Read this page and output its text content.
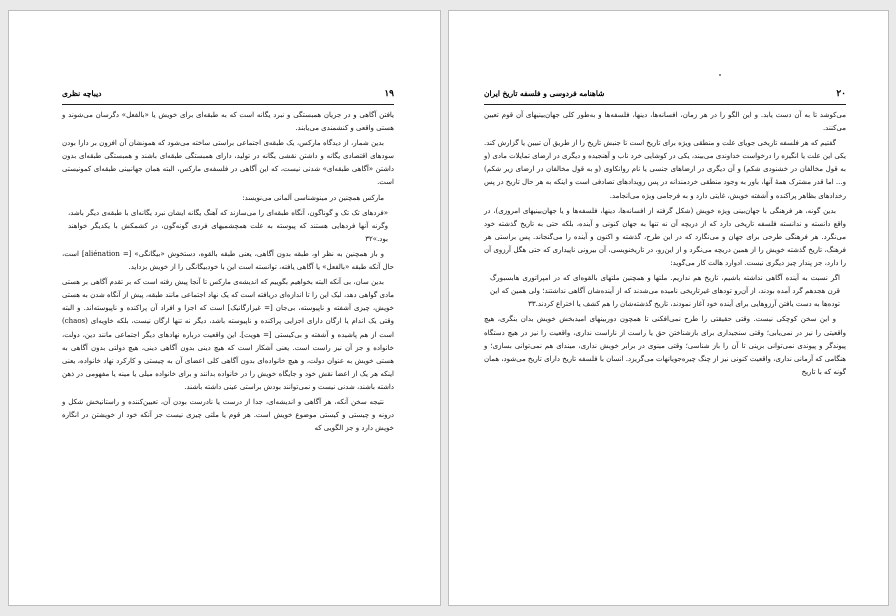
۱۹
دیباچه نظری

یافتن آگاهی و در جریان همبستگی و نبرد یگانه است که به طبقه‌ای برای خویش یا «بالفعل» دگرسان می‌شوند و هستی واقعی و کنشمندی می‌یابند.

بدین شمار، از دیدگاه مارکس، یک طبقه‌ی اجتماعی براستی ساخته می‌شود که همونشان آن افزون بر دارا بودن سودهای اقتصادی یگانه و داشتن نقشی یگانه در تولید، دارای همبستگی طبقه‌ای باشند و همبستگی طبقه‌ای بدون داشتن «آگاهی طبقه‌ای» شدنی نیست، که این آگاهی در فلسفه‌ی مارکس، البته همان جهانبینی طبقه‌ای کمونیستی است.

مارکس همچنین در مینوشناسی آلمانی می‌نویسد:

«فردهای تک تک و گوناگون، آنگاه طبقه‌ای را می‌سازند که آهنگ یگانه ایشان نبرد یگانه‌ای با طبقه‌ی دیگر باشد، وگرنه آنها فردهایی هستند که پیوسته به علت همچشمیهای فردی گونه‌گون، در کشمکش با یکدیگر خواهند بود.»۳۲

و باز همچنین به نظر او، طبقه بدون آگاهی، یعنی طبقه بالقوه، دستخوش «بیگانگی» [= aliénation] است، حال آنکه طبقه «بالفعل» یا آگاهی یافته، توانسته است این با خودبیگانگی را از خویش بزداید.

بدین سان، بی آنکه البته بخواهیم بگوییم که اندیشه‌ی مارکس تا آنجا پیش رفته است که بر تقدم آگاهی بر هستی مادی گواهی دهد، لیک این را تا اندازه‌ای دریافته است که یک نهاد اجتماعی مانند طبقه، پیش از آنگاه شدن به هستی خویش، چیزی آشفته و ناپیوسته، بی‌جان [= غیرارگانیک] است که اجزا و افراد آن پراکنده و ناپیوسته‌اند. و البته وقتی یک اندام یا ارگان دارای اجزایی پراکنده و ناپیوسته باشد، دیگر نه تنها ارگان نیست، بلکه خاویه‌ای (chaos) است از هم پاشیده و آشفته و بی‌کیستی [= هویت]. این واقعیت درباره نهادهای دیگر اجتماعی مانند دین، دولت، خانواده و جز آن نیز راست است. یعنی آشکار است که هیچ دینی بدون آگاهی دینی، هیچ دولتی بدون آگاهی به هستی خویش به عنوان دولت، و هیچ خانواده‌ای بدون آگاهی کلی اعضای آن به چیستی و کارکرد نهاد خانواده، یعنی اینکه هر یک از اعضا نقش خود و جایگاه خویش را در خانواده بدانند و برای خانواده میلی یا مینه یا مفهومی در ذهن داشته باشند، شدنی نیست و نمی‌توانند بودش براستی عینی داشته باشند.

نتیجه سخن آنکه، هر آگاهی و اندیشه‌ای، جدا از درست یا نادرست بودن آن، تعیین‌کننده و راستانیخش شکل و درونه و چیستی و کیستی موضوع خویش است. هر قوم یا ملتی چیزی نیست جز آنکه خود از خویشتن در انگاره خویش دارد و جز الگویی که

۲۰
شاهنامه فردوسی و فلسفه تاریخ ایران

می‌کوشد تا به آن دست یابد. و این الگو را در هر زمان، افسانه‌ها، دینها، فلسفه‌ها و به‌طور کلی جهان‌بینیهای آن قوم تعیین می‌کنند.

گفتیم که هر فلسفه تاریخی جویای علت و منطقی ویژه برای تاریخ است تا جنبش تاریخ را از طریق آن تبیین یا گزارش کند. یکی این علت یا انگیزه را درخواست خداوندی می‌بیند، یکی در کوشایی خرد ناب و آهنجیده و دیگری در ارضای تمایلات مادی (و به قول مخالفان در خشنودی شکم) و آن دیگری در ارضاهای جنسی یا نام روانکاوی (و به قول مخالفان در ارضای زیر شکم) و... اما قدر مشترک همهٔ آنها، باور به وجود منطقی خردمندانه در پس رویدادهای تصادفی است و اینکه به هر حال تاریخ در پس رخدادهای بظاهر پراکنده و آشفته خویش، غایتی دارد و به فرجامی ویژه می‌انجامد.

بدین گونه، هر فرهنگی با جهان‌بینی ویژه خویش (شکل گرفته از افسانه‌ها، دینها، فلسفه‌ها و یا جهان‌بینیهای امروزی)، در واقع دانسته و ندانسته فلسفه تاریخی دارد که از دریچه آن نه تنها به جهان کنونی و آینده، بلکه حتی به تاریخ گذشته خود می‌نگرد. هر فرهنگی طرحی برای جهان و می‌نگارد که در این طرح، گذشته و اکنون و آینده را می‌گنجاند. پس براستی هر فرهنگ، تاریخ گذشته خویش را از همین دریچه می‌نگرد و از این‌رو، در تاریخنویسی، آن بیرونی ناپیداری که حتی هگل آرزوی آن را دارد، جز پندار چیز دیگری نیست. ادوارد هالت کار می‌گوید:

اگر نسبت به آینده آگاهی نداشته باشیم، تاریخ هم نداریم. ملتها و همچنین ملتهای بالقوه‌ای که در امپراتوری هابسبورگ قرن هجدهم گرد آمده بودند، از آن‌رو تودهای غیرتاریخی نامیده می‌شدند که از آینده‌شان آگاهی نداشتند؛ ولی همین که این توده‌ها به دست یافتن آرزوهایی برای آینده خود آغاز نمودند، تاریخ گذشته‌شان را هم کشف یا اختراع کردند.۳۳

و این سخن کوچکی نیست. وقتی حقیقتی را طرح نمی‌افکنی تا همچون دوربینهای امیدبخش خویش بدان بنگری، هیچ واقعیتی را نیز در نمی‌یابی؛ وقتی سنجیداری برای بازشناختن حق یا راست از ناراست نداری، واقعیت را نیز در هیچ دستگاه پیوندگر و پیوندی نمی‌توانی برینی تا آن را باز شناسی؛ وقتی مینوی در برابر خویش نداری، میندای هم نمی‌توانی بسازی؛ و هنگامی که آرمانی نداری، واقعیت کنونی نیز از چنگ چیره‌جویانهات می‌گریزد. انسان با فلسفه تاریخ دارای تاریخ می‌شود، همان گونه که با تاریخ
